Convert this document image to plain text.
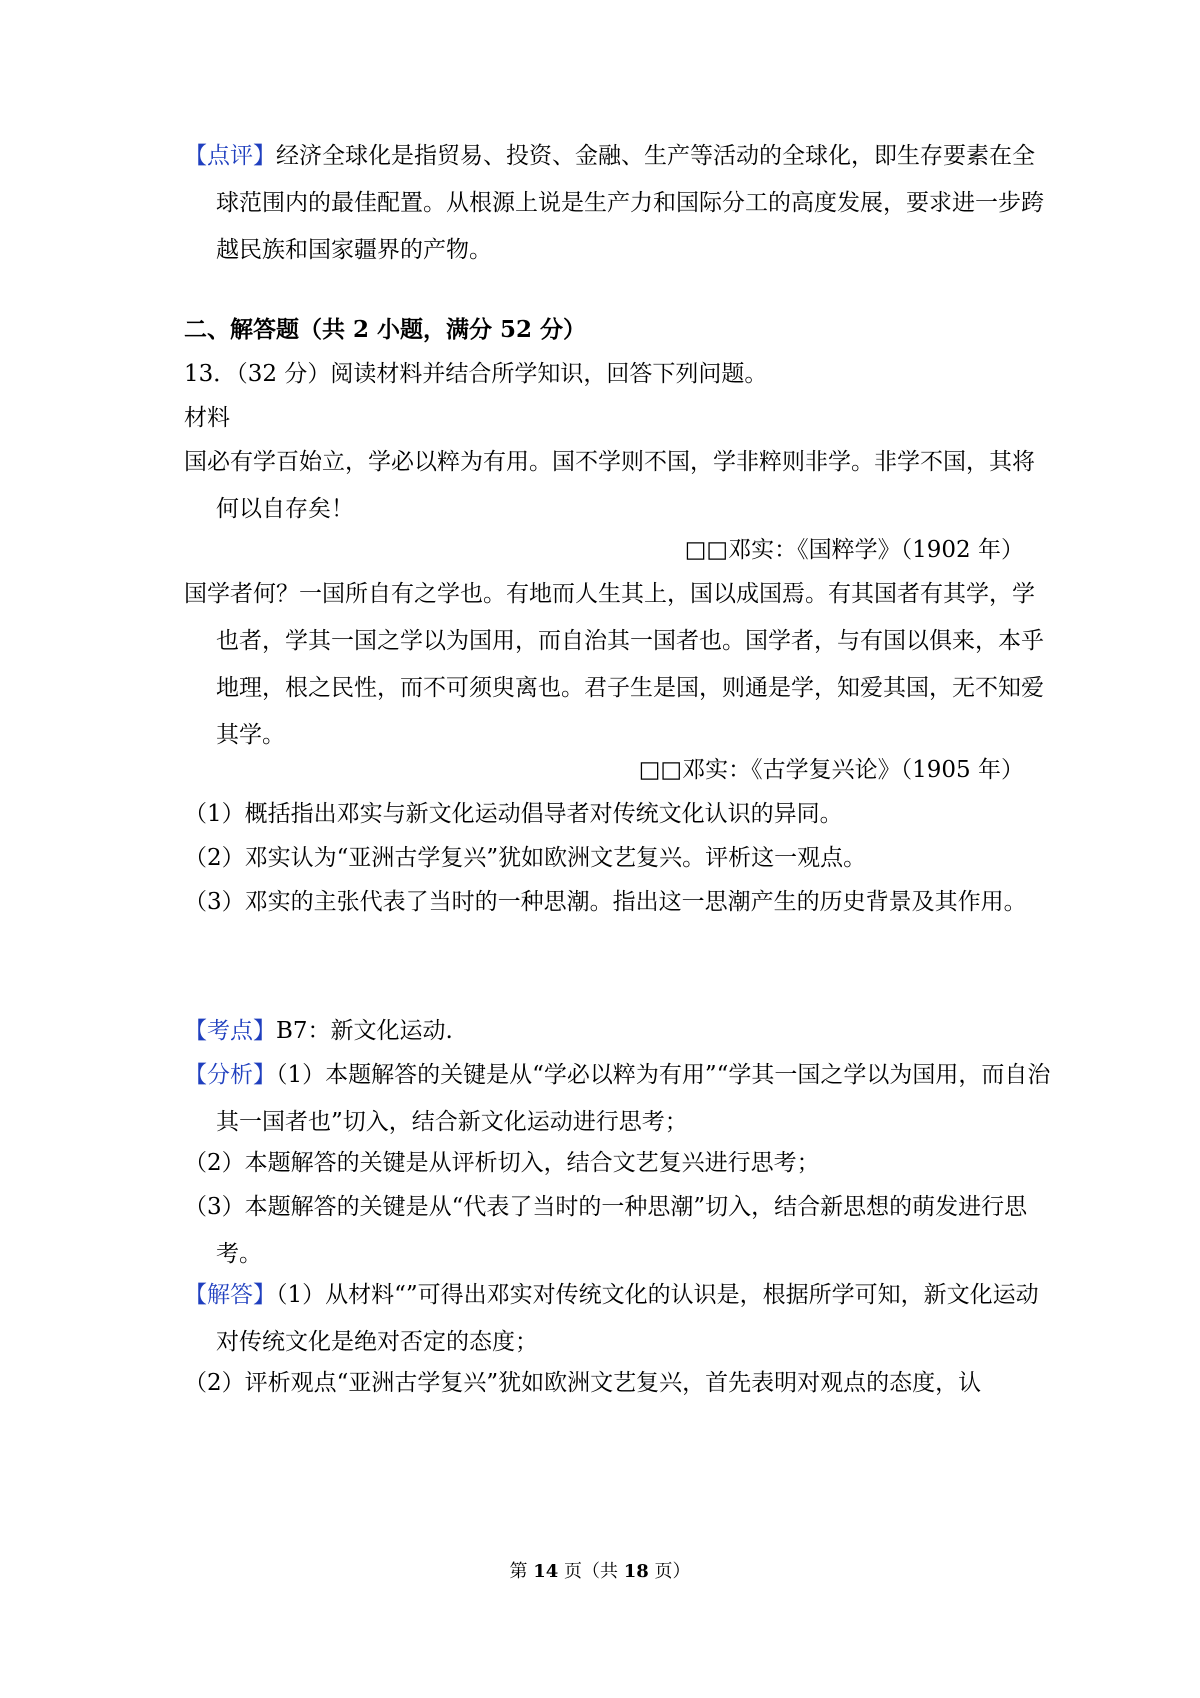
【点评】经济全球化是指贸易、投资、金融、生产等活动的全球化，即生存要素在全球范围内的最佳配置。从根源上说是生产力和国际分工的高度发展，要求进一步跨越民族和国家疆界的产物。
二、解答题（共 2 小题，满分 52 分）
13．（32 分）阅读材料并结合所学知识，回答下列问题。
材料
国必有学百始立，学必以粹为有用。国不学则不国，学非粹则非学。非学不国，其将何以自存矣！
□□邓实：《国粹学》（1902 年）
国学者何？一国所自有之学也。有地而人生其上，国以成国焉。有其国者有其学，学也者，学其一国之学以为国用，而自治其一国者也。国学者，与有国以俱来，本乎地理，根之民性，而不可须臾离也。君子生是国，则通是学，知爱其国，无不知爱其学。
□□邓实：《古学复兴论》（1905 年）
（1）概括指出邓实与新文化运动倡导者对传统文化认识的异同。
（2）邓实认为“亚洲古学复兴”犹如欧洲文艺复兴。评析这一观点。
（3）邓实的主张代表了当时的一种思潮。指出这一思潮产生的历史背景及其作用。
【考点】B7：新文化运动.
【分析】（1）本题解答的关键是从“学必以粹为有用”“学其一国之学以为国用，而自治其一国者也”切入，结合新文化运动进行思考；
（2）本题解答的关键是从评析切入，结合文艺复兴进行思考；
（3）本题解答的关键是从“代表了当时的一种思潮”切入，结合新思想的萌发进行思考。
【解答】（1）从材料“”可得出邓实对传统文化的认识是，根据所学可知，新文化运动对传统文化是绝对否定的态度；
（2）评析观点“亚洲古学复兴”犹如欧洲文艺复兴，首先表明对观点的态度，认
第 14 页（共 18 页）
